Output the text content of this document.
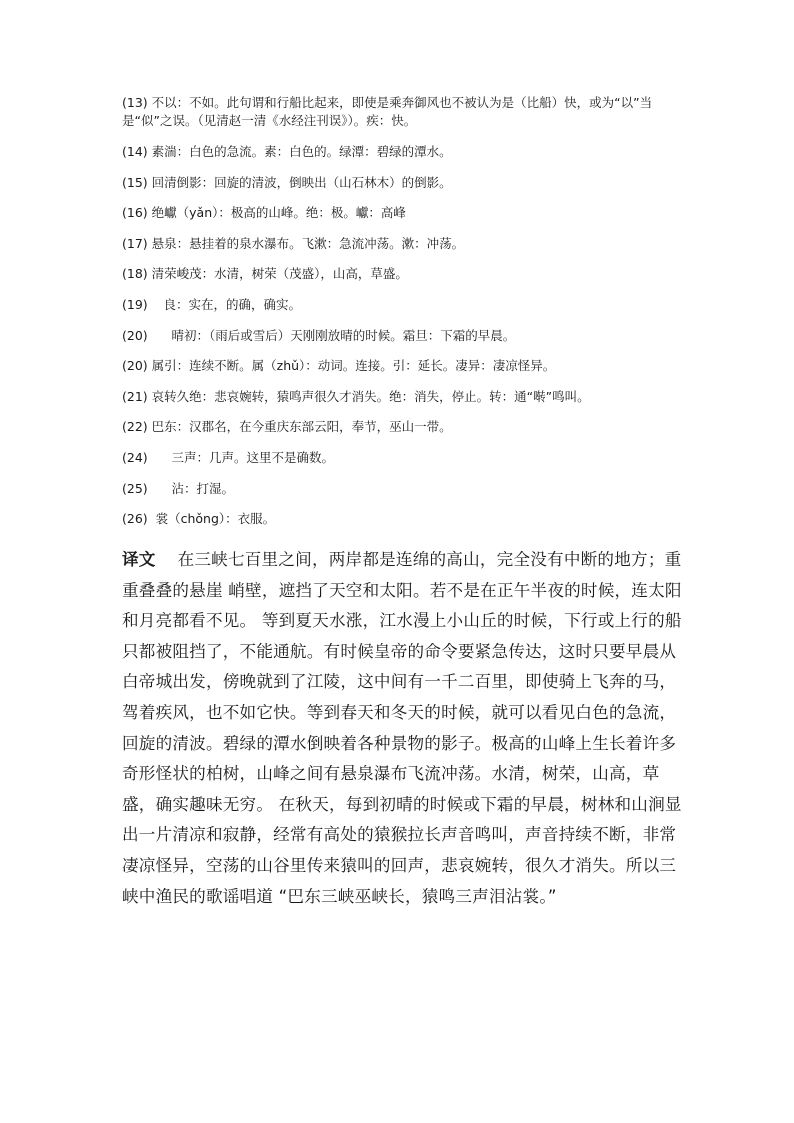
(13) 不以：不如。此句谓和行船比起来，即使是乘奔御风也不被认为是（比船）快，或为“以”当是“似”之误。（见清赵一清《水经注刊误》）。疾：快。

(14) 素湍：白色的急流。素：白色的。绿潭：碧绿的潭水。

(15) 回清倒影：回旋的清波，倒映出（山石林木）的倒影。

(16) 绝巘（yǎn）：极高的山峰。绝：极。巘：高峰

(17) 悬泉：悬挂着的泉水瀑布。飞漱：急流冲荡。漱：冲荡。

(18) 清荣峻茂：水清，树荣（茂盛），山高，草盛。

(19)    良：实在，的确，确实。

(20)      晴初：（雨后或雪后）天刚刚放晴的时候。霜旦：下霜的早晨。

(20) 属引：连续不断。属（zhǔ）：动词。连接。引：延长。凄异：凄凉怪异。

(21) 哀转久绝：悲哀婉转，猿鸣声很久才消失。绝：消失，停止。转：通“啭”鸣叫。

(22) 巴东：汉郡名，在今重庆东部云阳，奉节，巫山一带。

(24)      三声：几声。这里不是确数。

(25)      沾：打湿。

(26)  裳（chǒng）：衣服。

译文 在三峡七百里之间，两岸都是连绵的高山，完全没有中断的地方；重重叠叠的悬崖 峭壁，遮挡了天空和太阳。若不是在正午半夜的时候，连太阳和月亮都看不见。 等到夏天水涨，江水漫上小山丘的时候，下行或上行的船只都被阻挡了，不能通航。有时候皇帝的命令要紧急传达，这时只要早晨从白帝城出发，傍晚就到了江陵，这中间有一千二百里，即使骑上飞奔的马，驾着疾风，也不如它快。等到春天和冬天的时候，就可以看见白色的急流，回旋的清波。碧绿的潭水倒映着各种景物的影子。极高的山峰上生长着许多奇形怪状的柏树，山峰之间有悬泉瀑布飞流冲荡。水清，树荣，山高，草盛，确实趣味无穷。 在秋天，每到初晴的时候或下霜的早晨，树林和山涧显出一片清凉和寂静，经常有高处的猿猴拉长声音鸣叫，声音持续不断，非常凄凉怪异，空荡的山谷里传来猿叫的回声，悲哀婉转，很久才消失。所以三峡中渔民的歌谣唱道 “巴东三峡巫峡长，猿鸣三声泪沾裳。”
